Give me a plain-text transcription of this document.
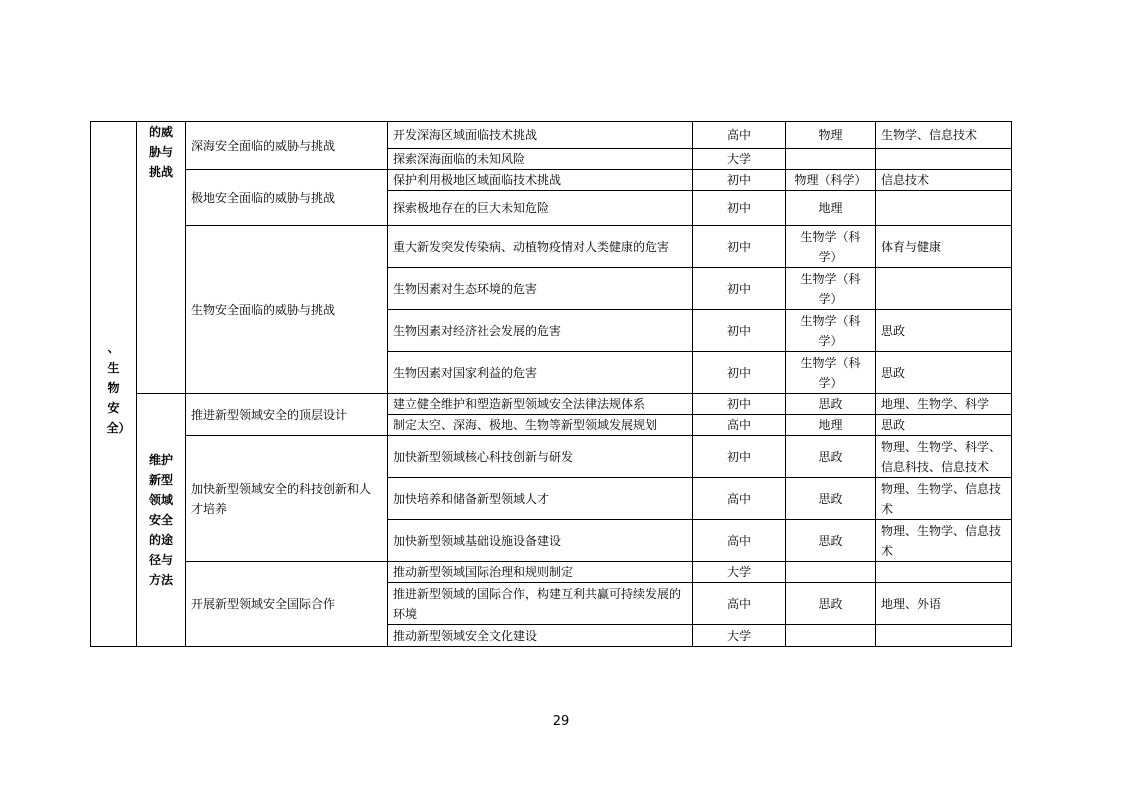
、生物安全）	的威胁与挑战	深海安全面临的威胁与挑战	开发深海区域面临技术挑战	高中	物理	生物学、信息技术
			探索深海面临的未知风险	大学		
		极地安全面临的威胁与挑战	保护利用极地区域面临技术挑战	初中	物理（科学）	信息技术
			探索极地存在的巨大未知危险	初中	地理	
		生物安全面临的威胁与挑战	重大新发突发传染病、动植物疫情对人类健康的危害	初中	生物学（科学）	体育与健康
			生物因素对生态环境的危害	初中	生物学（科学）	

			生物因素对经济社会发展的危害	初中	生物学（科学）	思政
			生物因素对国家利益的危害	初中	生物学（科学）	思政

	维护新型领域安全的途径与方法	推进新型领域安全的顶层设计	建立健全维护和塑造新型领域安全法律法规体系	初中	思政	地理、生物学、科学
			制定太空、深海、极地、生物等新型领域发展规划	高中	地理	思政

		加快新型领域安全的科技创新和人才培养	加快新型领域核心科技创新与研发	初中	思政	物理、生物学、科学、信息科技、信息技术

			加快培养和储备新型领域人才	高中	思政	物理、生物学、信息技术

			加快新型领域基础设施设备建设	高中	思政	物理、生物学、信息技术

		开展新型领域安全国际合作	推动新型领域国际治理和规则制定	大学		

			推进新型领域的国际合作，构建互利共赢可持续发展的环境	高中	思政	地理、外语
			推动新型领域安全文化建设	大学		
29
